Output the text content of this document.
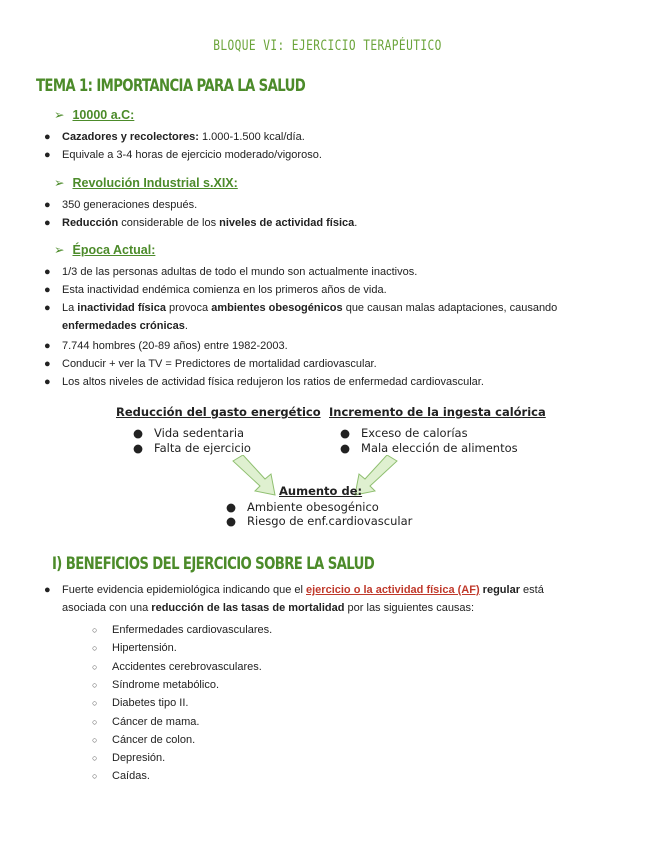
BLOQUE VI: EJERCICIO TERAPÉUTICO
TEMA 1: IMPORTANCIA PARA LA SALUD
➢ 10000 a.C:
● Cazadores y recolectores: 1.000-1.500 kcal/día.
● Equivale a 3-4 horas de ejercicio moderado/vigoroso.
➢ Revolución Industrial s.XIX:
● 350 generaciones después.
● Reducción considerable de los niveles de actividad física.
➢ Época Actual:
● 1/3 de las personas adultas de todo el mundo son actualmente inactivos.
● Esta inactividad endémica comienza en los primeros años de vida.
● La inactividad física provoca ambientes obesogénicos que causan malas adaptaciones, causando
enfermedades crónicas.
● 7.744 hombres (20-89 años) entre 1982-2003.
● Conducir + ver la TV = Predictores de mortalidad cardiovascular.
● Los altos niveles de actividad física redujeron los ratios de enfermedad cardiovascular.
Reducción del gasto energético
● Vida sedentaria
● Falta de ejercicio
Incremento de la ingesta calórica
● Exceso de calorías
● Mala elección de alimentos
Aumento de:
● Ambiente obesogénico
● Riesgo de enf.cardiovascular
I) BENEFICIOS DEL EJERCICIO SOBRE LA SALUD
● Fuerte evidencia epidemiológica indicando que el ejercicio o la actividad física (AF) regular está
asociada con una reducción de las tasas de mortalidad por las siguientes causas:
○ Enfermedades cardiovasculares.
○ Hipertensión.
○ Accidentes cerebrovasculares.
○ Síndrome metabólico.
○ Diabetes tipo II.
○ Cáncer de mama.
○ Cáncer de colon.
○ Depresión.
○ Caídas.
